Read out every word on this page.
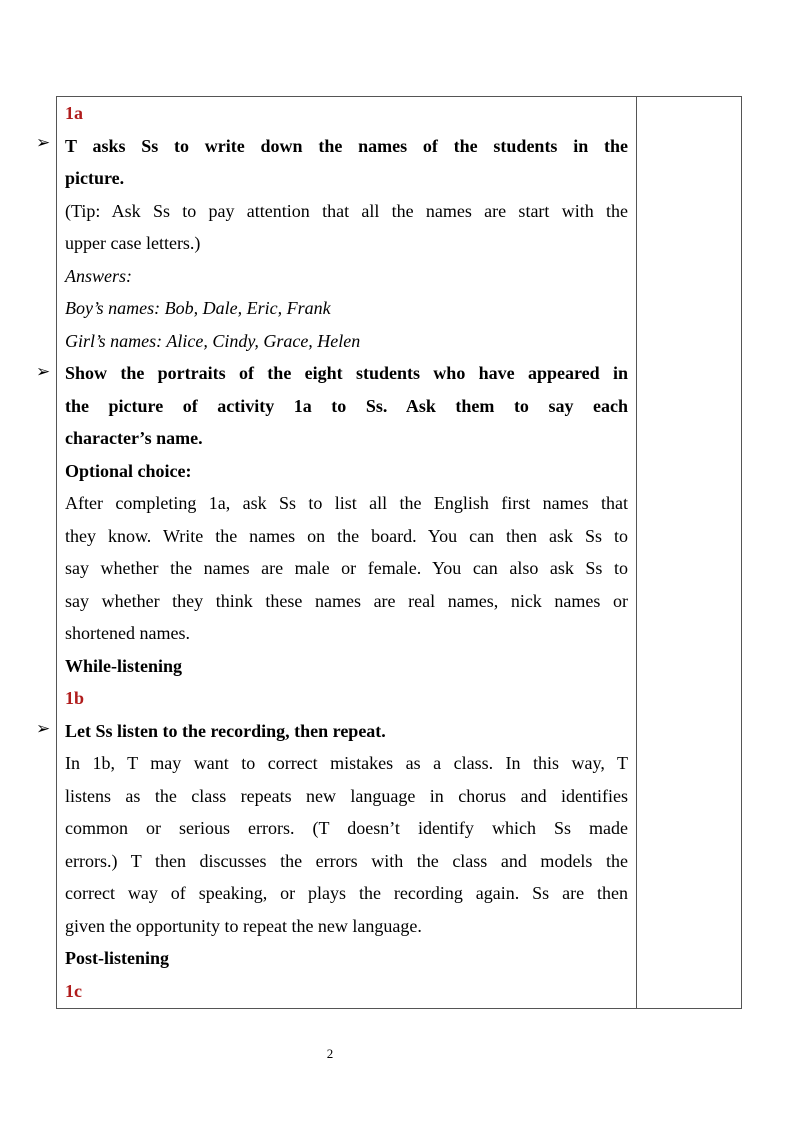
➢
➢
➢
1a
T asks Ss to write down the names of the students in the
picture.
(Tip: Ask Ss to pay attention that all the names are start with the
upper case letters.)
Answers:
Boy’s names: Bob, Dale, Eric, Frank
Girl’s names: Alice, Cindy, Grace, Helen
Show the portraits of the eight students who have appeared in
the picture of activity 1a to Ss. Ask them to say each
character’s name.
Optional choice:
After completing 1a, ask Ss to list all the English first names that
they know. Write the names on the board. You can then ask Ss to
say whether the names are male or female. You can also ask Ss to
say whether they think these names are real names, nick names or
shortened names.
While-listening
1b
Let Ss listen to the recording, then repeat.
In 1b, T may want to correct mistakes as a class. In this way, T
listens as the class repeats new language in chorus and identifies
common or serious errors. (T doesn’t identify which Ss made
errors.) T then discusses the errors with the class and models the
correct way of speaking, or plays the recording again. Ss are then
given the opportunity to repeat the new language.
Post-listening
1c
2
